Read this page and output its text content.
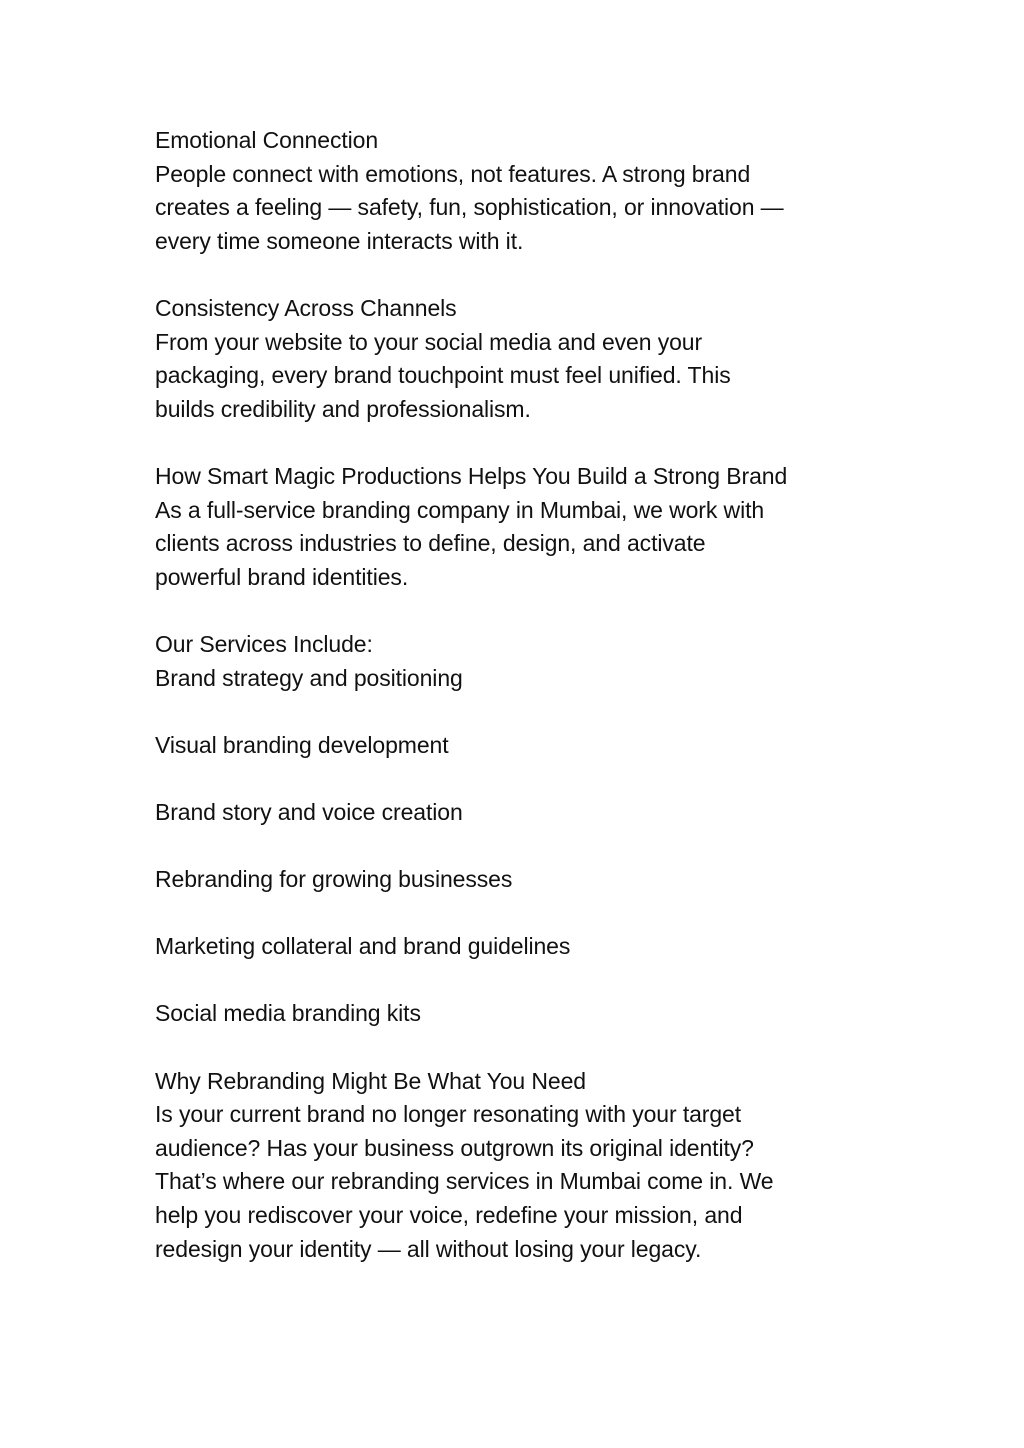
Emotional Connection
People connect with emotions, not features. A strong brand
creates a feeling — safety, fun, sophistication, or innovation —
every time someone interacts with it.
Consistency Across Channels
From your website to your social media and even your
packaging, every brand touchpoint must feel unified. This
builds credibility and professionalism.
How Smart Magic Productions Helps You Build a Strong Brand
As a full-service branding company in Mumbai, we work with
clients across industries to define, design, and activate
powerful brand identities.
Our Services Include:
Brand strategy and positioning
Visual branding development
Brand story and voice creation
Rebranding for growing businesses
Marketing collateral and brand guidelines
Social media branding kits
Why Rebranding Might Be What You Need
Is your current brand no longer resonating with your target
audience? Has your business outgrown its original identity?
That’s where our rebranding services in Mumbai come in. We
help you rediscover your voice, redefine your mission, and
redesign your identity — all without losing your legacy.
